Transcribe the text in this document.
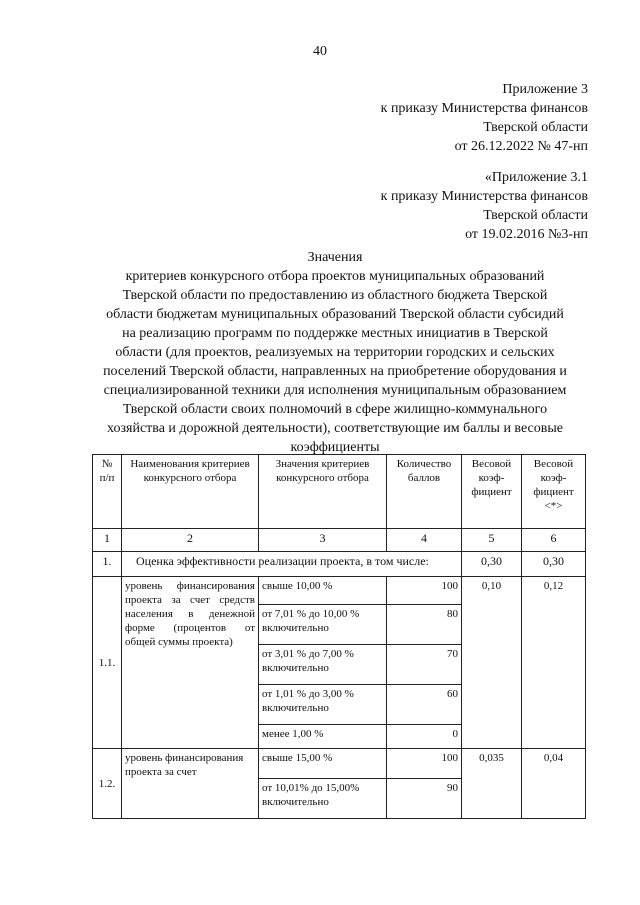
40
Приложение 3
к приказу Министерства финансов
Тверской области
от 26.12.2022 № 47-нп
«Приложение 3.1
к приказу Министерства финансов
Тверской области
от 19.02.2016 №3-нп
Значения
критериев конкурсного отбора проектов муниципальных образований
Тверской области по предоставлению из областного бюджета Тверской
области бюджетам муниципальных образований Тверской области субсидий
на реализацию программ по поддержке местных инициатив в Тверской
области (для проектов, реализуемых на территории городских и сельских
поселений Тверской области, направленных на приобретение оборудования и
специализированной техники для исполнения муниципальным образованием
Тверской области своих полномочий в сфере жилищно-коммунального
хозяйства и дорожной деятельности), соответствующие им баллы и весовые
коэффициенты
№ п/п	Наименования критериев конкурсного отбора	Значения критериев конкурсного отбора	Количество баллов	Весовой коэф-фициент	Весовой коэф-фициент <*>
1	2	3	4	5	6
1.	Оценка эффективности реализации проекта, в том числе:			0,30	0,30
1.1.	уровень финансирования проекта за счет средств населения в денежной форме (процентов от общей суммы проекта)	свыше 10,00 %	100	0,10	0,12
		от 7,01 % до 10,00 % включительно	80		
		от 3,01 % до 7,00 % включительно	70		
		от 1,01 % до 3,00 % включительно	60		
		менее 1,00 %	0		
1.2.	уровень финансирования проекта за счет	свыше 15,00 %	100	0,035	0,04
		от 10,01% до 15,00% включительно	90		
